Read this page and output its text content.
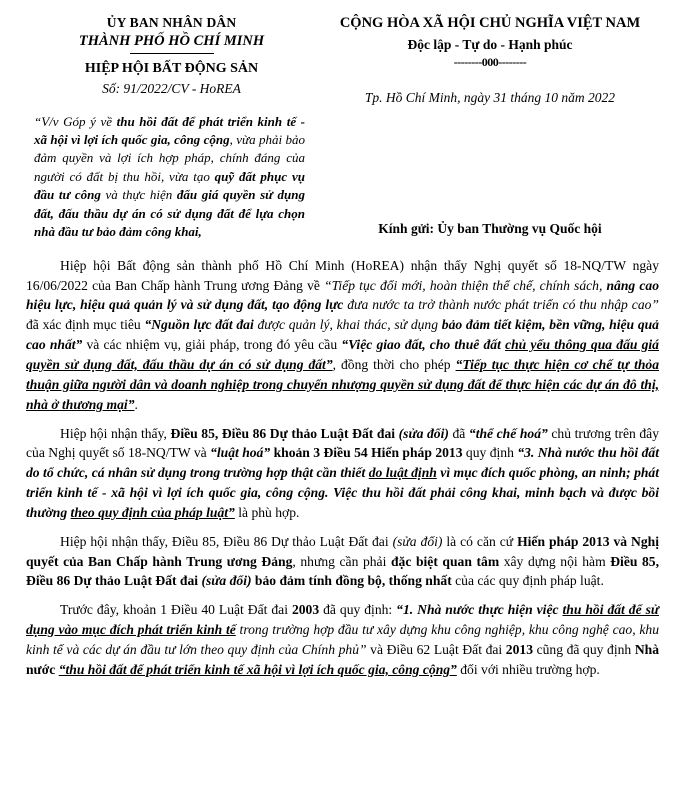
ỦY BAN NHÂN DÂN
THÀNH PHỐ HỒ CHÍ MINH
HIỆP HỘI BẤT ĐỘNG SẢN
Số: 91/2022/CV - HoREA
CỘNG HÒA XÃ HỘI CHỦ NGHĨA VIỆT NAM
Độc lập - Tự do - Hạnh phúc
--------000--------
Tp. Hồ Chí Minh, ngày 31 tháng 10 năm 2022
“V/v Góp ý về thu hồi đất để phát triển kinh tế - xã hội vì lợi ích quốc gia, công cộng, vừa phải bảo đảm quyền và lợi ích hợp pháp, chính đáng của người có đất bị thu hồi, vừa tạo quỹ đất phục vụ đầu tư công và thực hiện đấu giá quyền sử dụng đất, đấu thầu dự án có sử dụng đất để lựa chọn nhà đầu tư bảo đảm công khai,	Kính gửi: Ủy ban Thường vụ Quốc hội

Hiệp hội Bất động sản thành phố Hồ Chí Minh (HoREA) nhận thấy Nghị quyết số 18-NQ/TW ngày 16/06/2022 của Ban Chấp hành Trung ương Đảng về “Tiếp tục đổi mới, hoàn thiện thể chế, chính sách, nâng cao hiệu lực, hiệu quả quản lý và sử dụng đất, tạo động lực đưa nước ta trở thành nước phát triển có thu nhập cao” đã xác định mục tiêu “Nguồn lực đất đai được quản lý, khai thác, sử dụng bảo đảm tiết kiệm, bền vững, hiệu quả cao nhất” và các nhiệm vụ, giải pháp, trong đó yêu cầu “Việc giao đất, cho thuê đất chủ yếu thông qua đấu giá quyền sử dụng đất, đấu thầu dự án có sử dụng đất”, đồng thời cho phép “Tiếp tục thực hiện cơ chế tự thỏa thuận giữa người dân và doanh nghiệp trong chuyển nhượng quyền sử dụng đất để thực hiện các dự án đô thị, nhà ở thương mại”.

Hiệp hội nhận thấy, Điều 85, Điều 86 Dự thảo Luật Đất đai (sửa đổi) đã “thể chế hoá” chủ trương trên đây của Nghị quyết số 18-NQ/TW và “luật hoá” khoản 3 Điều 54 Hiến pháp 2013 quy định “3. Nhà nước thu hồi đất do tổ chức, cá nhân sử dụng trong trường hợp thật cần thiết do luật định vì mục đích quốc phòng, an ninh; phát triển kinh tế - xã hội vì lợi ích quốc gia, công cộng. Việc thu hồi đất phải công khai, minh bạch và được bồi thường theo quy định của pháp luật” là phù hợp.

Hiệp hội nhận thấy, Điều 85, Điều 86 Dự thảo Luật Đất đai (sửa đổi) là có căn cứ Hiến pháp 2013 và Nghị quyết của Ban Chấp hành Trung ương Đảng, nhưng cần phải đặc biệt quan tâm xây dựng nội hàm Điều 85, Điều 86 Dự thảo Luật Đất đai (sửa đổi) bảo đảm tính đồng bộ, thống nhất của các quy định pháp luật.

Trước đây, khoản 1 Điều 40 Luật Đất đai 2003 đã quy định: “1. Nhà nước thực hiện việc thu hồi đất để sử dụng vào mục đích phát triển kinh tế trong trường hợp đầu tư xây dựng khu công nghiệp, khu công nghệ cao, khu kinh tế và các dự án đầu tư lớn theo quy định của Chính phủ” và Điều 62 Luật Đất đai 2013 cũng đã quy định Nhà nước “thu hồi đất để phát triển kinh tế xã hội vì lợi ích quốc gia, công cộng” đối với nhiều trường hợp.
